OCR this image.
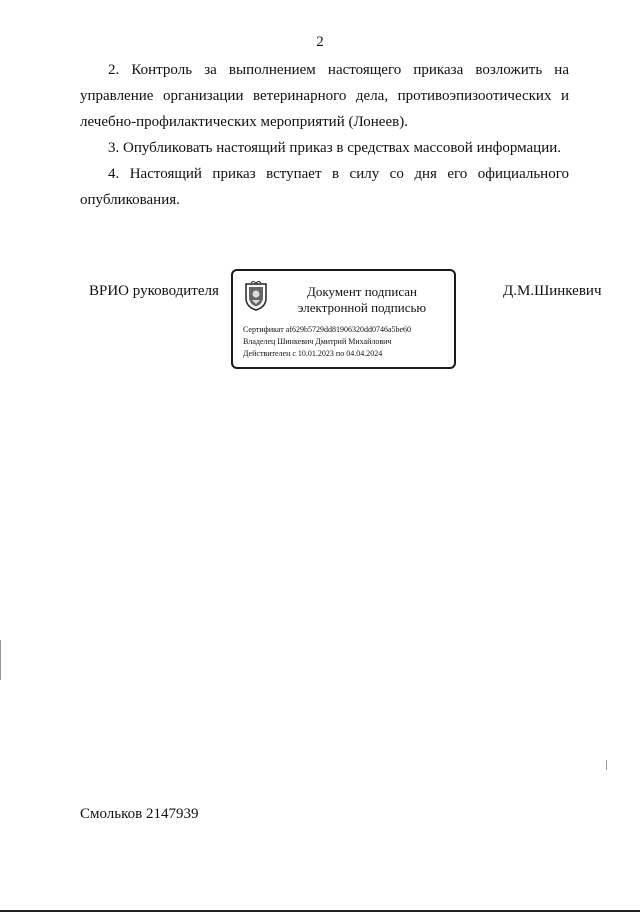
2

2. Контроль за выполнением настоящего приказа возложить на управление организации ветеринарного дела, противоэпизоотических и лечебно-профилактических мероприятий (Лонеев).

3. Опубликовать настоящий приказ в средствах массовой информации.

4. Настоящий приказ вступает в силу со дня его официального опубликования.

ВРИО руководителя	Документ подписан
электронной подписью
Сертификат af629b5729dd81906320dd0746a5be60
Владелец Шинкевич Дмитрий Михайлович
Действителен с 10.01.2023 по 04.04.2024
Д.М.Шинкевич
Смольков 2147939
